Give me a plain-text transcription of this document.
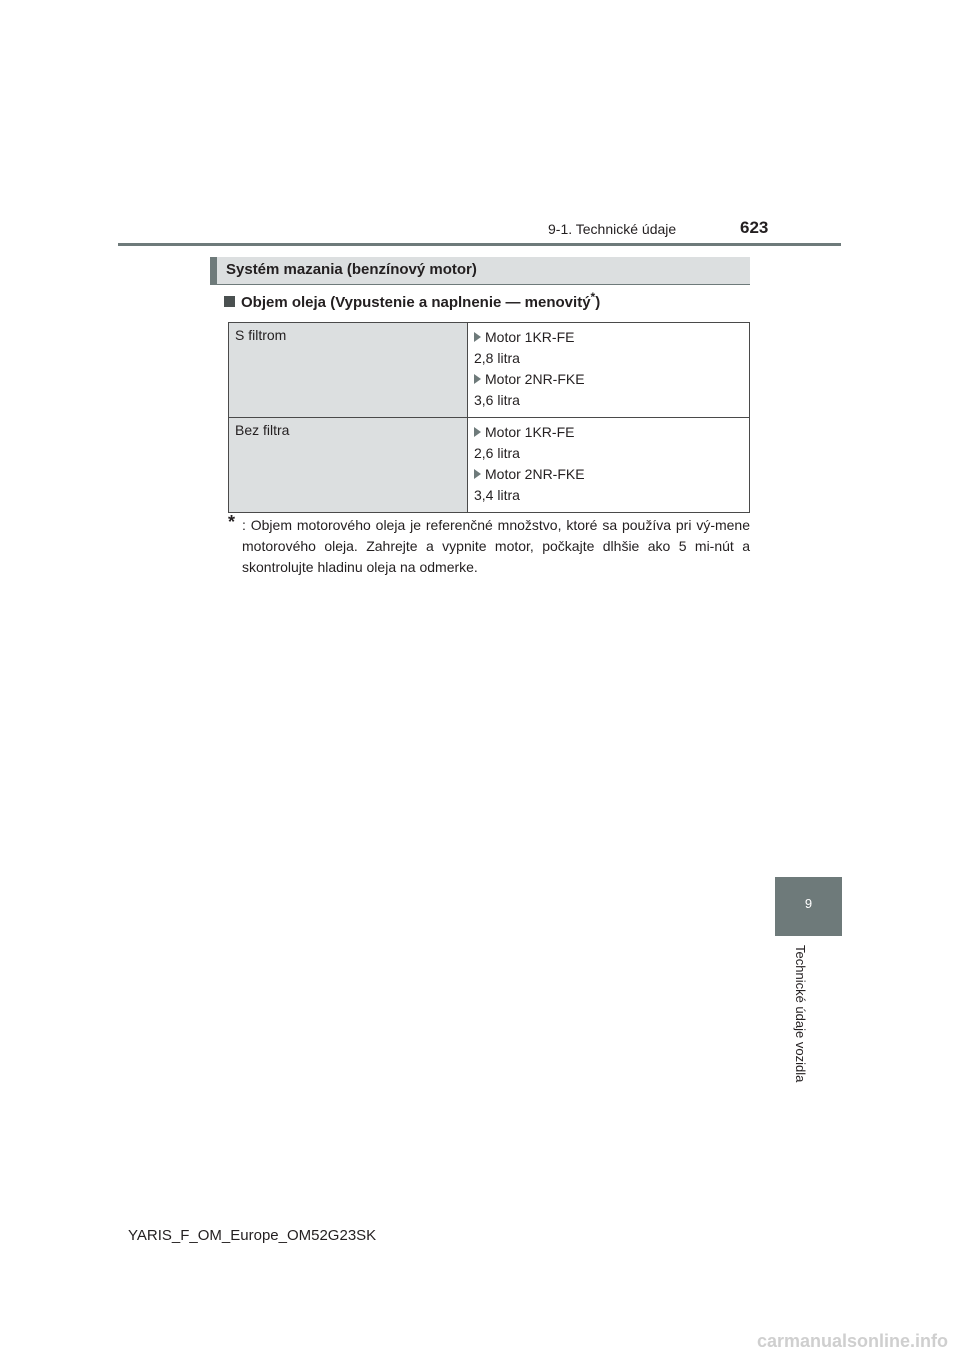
9-1. Technické údaje	623
Systém mazania (benzínový motor)
Objem oleja (Vypustenie a naplnenie — menovitý*)
S filtrom	Motor 1KR-FE
2,8 litra
Motor 2NR-FKE
3,6 litra

Bez filtra	Motor 1KR-FE
2,6 litra
Motor 2NR-FKE
3,4 litra
* : Objem motorového oleja je referenčné množstvo, ktoré sa používa pri vý-mene motorového oleja. Zahrejte a vypnite motor, počkajte dlhšie ako 5 mi-nút a skontrolujte hladinu oleja na odmerke.
9
Technické údaje vozidla
YARIS_F_OM_Europe_OM52G23SK
carmanualsonline.info
